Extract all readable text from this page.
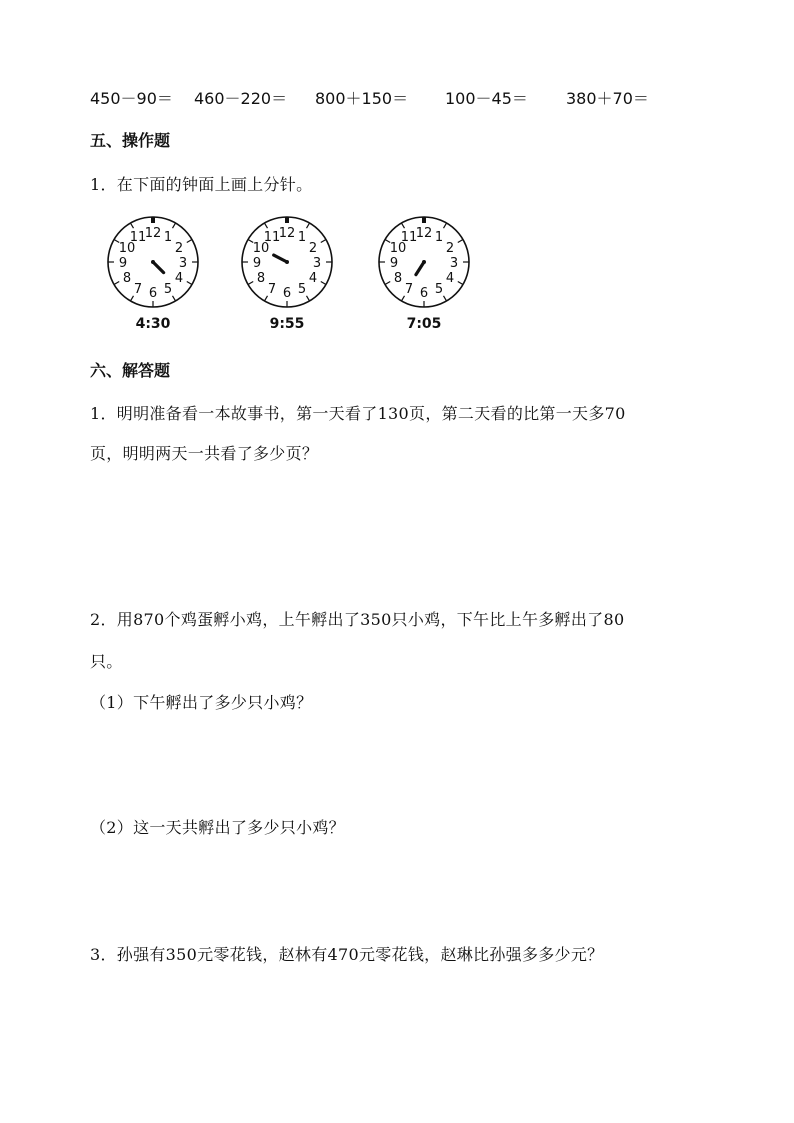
450－90＝ 460－220＝ 800＋150＝ 100－45＝ 380＋70＝
五、操作题
1．在下面的钟面上画上分针。
12 1
2
3
4
5
6
7
8
9
10
11	12 1
2
3
4
5
6
7
8
9
10
11	12 1
2
3
4
5
6
7
8
9
10
11
4:30	9:55	7:05
六、解答题
1．明明准备看一本故事书，第一天看了130页，第二天看的比第一天多70
页，明明两天一共看了多少页？
2．用870个鸡蛋孵小鸡，上午孵出了350只小鸡，下午比上午多孵出了80
只。
（1）下午孵出了多少只小鸡？
（2）这一天共孵出了多少只小鸡？
3．孙强有350元零花钱，赵林有470元零花钱，赵琳比孙强多多少元？
